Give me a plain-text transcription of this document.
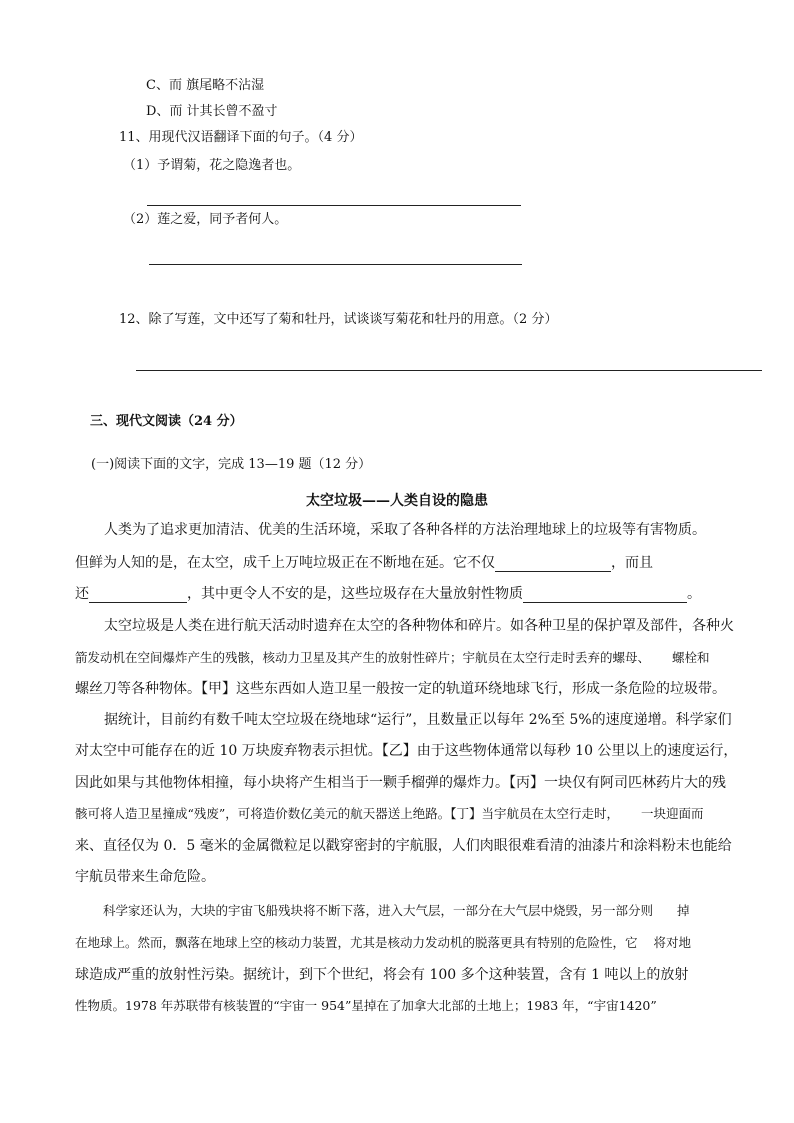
C、而 旗尾略不沾湿
D、而 计其长曾不盈寸
11、用现代汉语翻译下面的句子。（4 分）
（1）予谓菊，花之隐逸者也。
（2）莲之爱，同予者何人。
12、除了写莲，文中还写了菊和牡丹，试谈谈写菊花和牡丹的用意。（2 分）
三、现代文阅读（24 分）
(一)阅读下面的文字，完成 13—19 题（12 分）
太空垃圾——人类自设的隐患
人类为了追求更加清洁、优美的生活环境，采取了各种各样的方法治理地球上的垃圾等有害物质。
但鲜为人知的是，在太空，成千上万吨垃圾正在不断地在延。它不仅	，而且
还	，其中更令人不安的是，这些垃圾存在大量放射性物质	。
太空垃圾是人类在进行航天活动时遗弃在太空的各种物体和碎片。如各种卫星的保护罩及部件，各种火
箭发动机在空间爆炸产生的残骸，核动力卫星及其产生的放射性碎片；宇航员在太空行走时丢弃的螺母、 螺栓和
螺丝刀等各种物体。【甲】这些东西如人造卫星一般按一定的轨道环绕地球飞行，形成一条危险的垃圾带。
据统计，目前约有数千吨太空垃圾在绕地球“运行”，且数量正以每年 2%至 5%的速度递增。科学家们
对太空中可能存在的近 10 万块废弃物表示担忧。【乙】由于这些物体通常以每秒 10 公里以上的速度运行，
因此如果与其他物体相撞，每小块将产生相当于一颗手榴弹的爆炸力。【丙】一块仅有阿司匹林药片大的残
骸可将人造卫星撞成“残废”，可将造价数亿美元的航天器送上绝路。【丁】当宇航员在太空行走时， 一块迎面而
来、直径仅为 0．5 毫米的金属微粒足以戳穿密封的宇航服，人们肉眼很难看清的油漆片和涂料粉末也能给
宇航员带来生命危险。
科学家还认为，大块的宇宙飞船残块将不断下落，进入大气层，一部分在大气层中烧毁，另一部分则 掉
在地球上。然而，飘落在地球上空的核动力装置，尤其是核动力发动机的脱落更具有特别的危险性，它 将对地
球造成严重的放射性污染。据统计，到下个世纪，将会有 100 多个这种装置，含有 1 吨以上的放射
性物质。1978 年苏联带有核装置的“宇宙一 954”星掉在了加拿大北部的土地上；1983 年，“宇宙1420”
